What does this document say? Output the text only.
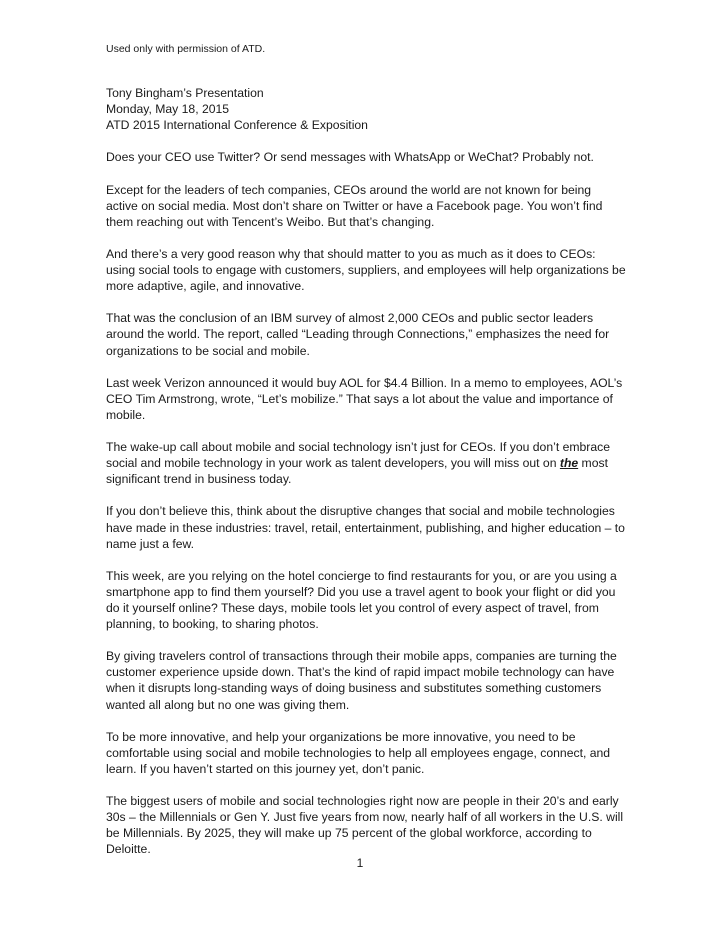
Used only with permission of ATD.

Tony Bingham’s Presentation
Monday, May 18, 2015
ATD 2015 International Conference & Exposition

Does your CEO use Twitter? Or send messages with WhatsApp or WeChat? Probably not.

Except for the leaders of tech companies, CEOs around the world are not known for being active on social media. Most don’t share on Twitter or have a Facebook page. You won’t find them reaching out with Tencent’s Weibo. But that’s changing.

And there’s a very good reason why that should matter to you as much as it does to CEOs: using social tools to engage with customers, suppliers, and employees will help organizations be more adaptive, agile, and innovative.

That was the conclusion of an IBM survey of almost 2,000 CEOs and public sector leaders around the world. The report, called “Leading through Connections,” emphasizes the need for organizations to be social and mobile.

Last week Verizon announced it would buy AOL for $4.4 Billion. In a memo to employees, AOL’s CEO Tim Armstrong, wrote, “Let’s mobilize.” That says a lot about the value and importance of mobile.

The wake-up call about mobile and social technology isn’t just for CEOs. If you don’t embrace social and mobile technology in your work as talent developers, you will miss out on the most significant trend in business today.

If you don’t believe this, think about the disruptive changes that social and mobile technologies have made in these industries: travel, retail, entertainment, publishing, and higher education – to name just a few.

This week, are you relying on the hotel concierge to find restaurants for you, or are you using a smartphone app to find them yourself? Did you use a travel agent to book your flight or did you do it yourself online? These days, mobile tools let you control of every aspect of travel, from planning, to booking, to sharing photos.

By giving travelers control of transactions through their mobile apps, companies are turning the customer experience upside down. That’s the kind of rapid impact mobile technology can have when it disrupts long-standing ways of doing business and substitutes something customers wanted all along but no one was giving them.

To be more innovative, and help your organizations be more innovative, you need to be comfortable using social and mobile technologies to help all employees engage, connect, and learn. If you haven’t started on this journey yet, don’t panic.

The biggest users of mobile and social technologies right now are people in their 20’s and early 30s – the Millennials or Gen Y. Just five years from now, nearly half of all workers in the U.S. will be Millennials. By 2025, they will make up 75 percent of the global workforce, according to Deloitte.

1
